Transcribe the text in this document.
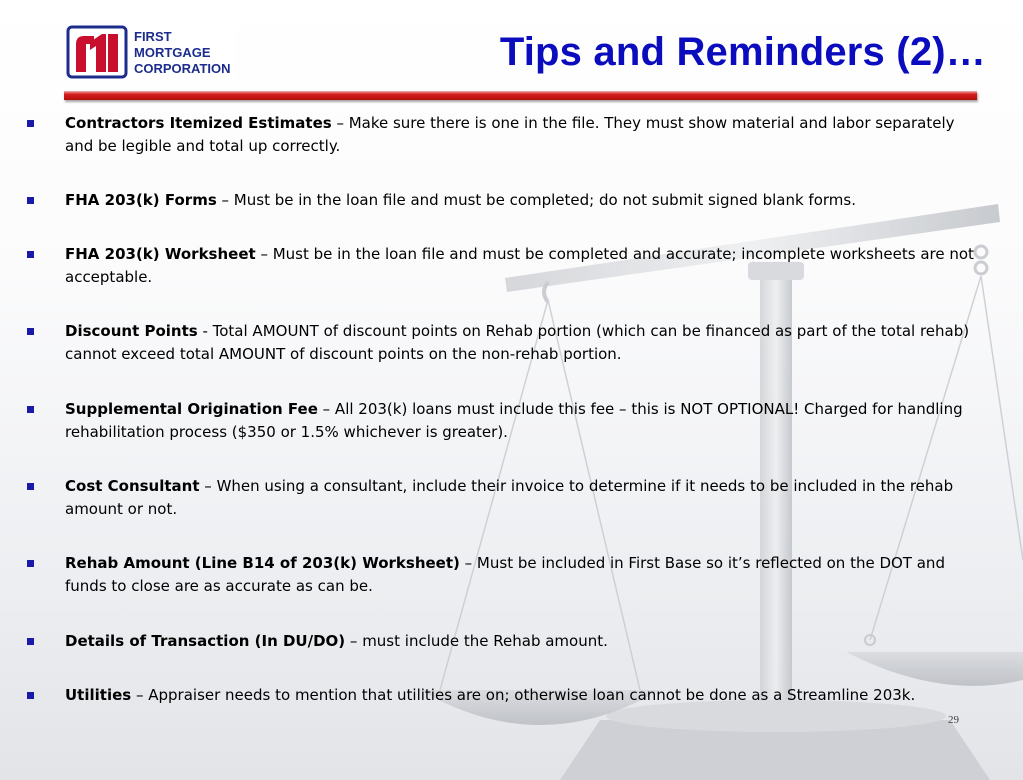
FIRST
MORTGAGE
CORPORATION	Tips and Reminders (2)…
Contractors Itemized Estimates – Make sure there is one in the file. They must show material and labor separately and be legible and total up correctly.
FHA 203(k) Forms – Must be in the loan file and must be completed; do not submit signed blank forms.
FHA 203(k) Worksheet – Must be in the loan file and must be completed and accurate; incomplete worksheets are not acceptable.
Discount Points - Total AMOUNT of discount points on Rehab portion (which can be financed as part of the total rehab) cannot exceed total AMOUNT of discount points on the non-rehab portion.
Supplemental Origination Fee – All 203(k) loans must include this fee – this is NOT OPTIONAL! Charged for handling rehabilitation process ($350 or 1.5% whichever is greater).
Cost Consultant – When using a consultant, include their invoice to determine if it needs to be included in the rehab amount or not.
Rehab Amount (Line B14 of 203(k) Worksheet) – Must be included in First Base so it’s reflected on the DOT and funds to close are as accurate as can be.
Details of Transaction (In DU/DO) – must include the Rehab amount.
Utilities – Appraiser needs to mention that utilities are on; otherwise loan cannot be done as a Streamline 203k.
29
